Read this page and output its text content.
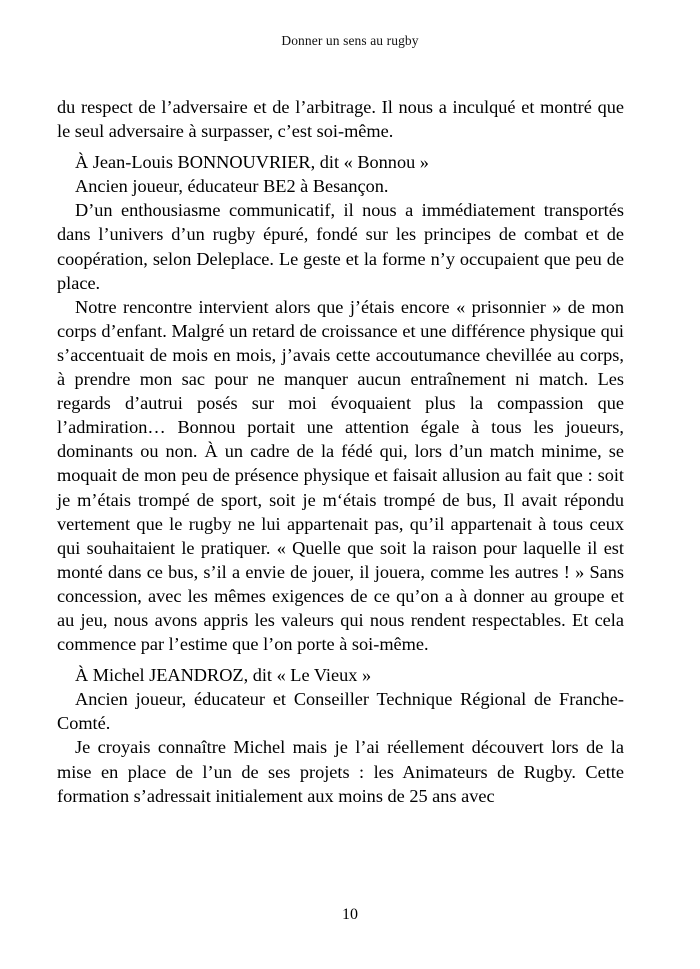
Donner un sens au rugby

du respect de l’adversaire et de l’arbitrage. Il nous a inculqué et montré que le seul adversaire à surpasser, c’est soi-même.

À Jean-Louis BONNOUVRIER, dit « Bonnou »

Ancien joueur, éducateur BE2 à Besançon.

D’un enthousiasme communicatif, il nous a immédiatement transportés dans l’univers d’un rugby épuré, fondé sur les principes de combat et de coopération, selon Deleplace. Le geste et la forme n’y occupaient que peu de place.

Notre rencontre intervient alors que j’étais encore « prisonnier » de mon corps d’enfant. Malgré un retard de croissance et une différence physique qui s’accentuait de mois en mois, j’avais cette accoutumance chevillée au corps, à prendre mon sac pour ne manquer aucun entraînement ni match. Les regards d’autrui posés sur moi évoquaient plus la compassion que l’admiration… Bonnou portait une attention égale à tous les joueurs, dominants ou non. À un cadre de la fédé qui, lors d’un match minime, se moquait de mon peu de présence physique et faisait allusion au fait que : soit je m’étais trompé de sport, soit je mʻétais trompé de bus, Il avait répondu vertement que le rugby ne lui appartenait pas, qu’il appartenait à tous ceux qui souhaitaient le pratiquer. « Quelle que soit la raison pour laquelle il est monté dans ce bus, s’il a envie de jouer, il jouera, comme les autres ! » Sans concession, avec les mêmes exigences de ce qu’on a à donner au groupe et au jeu, nous avons appris les valeurs qui nous rendent respectables. Et cela commence par l’estime que l’on porte à soi-même.

À Michel JEANDROZ, dit « Le Vieux »

Ancien joueur, éducateur et Conseiller Technique Régional de Franche-Comté.

Je croyais connaître Michel mais je l’ai réellement découvert lors de la mise en place de l’un de ses projets : les Animateurs de Rugby. Cette formation s’adressait initialement aux moins de 25 ans avec

10
